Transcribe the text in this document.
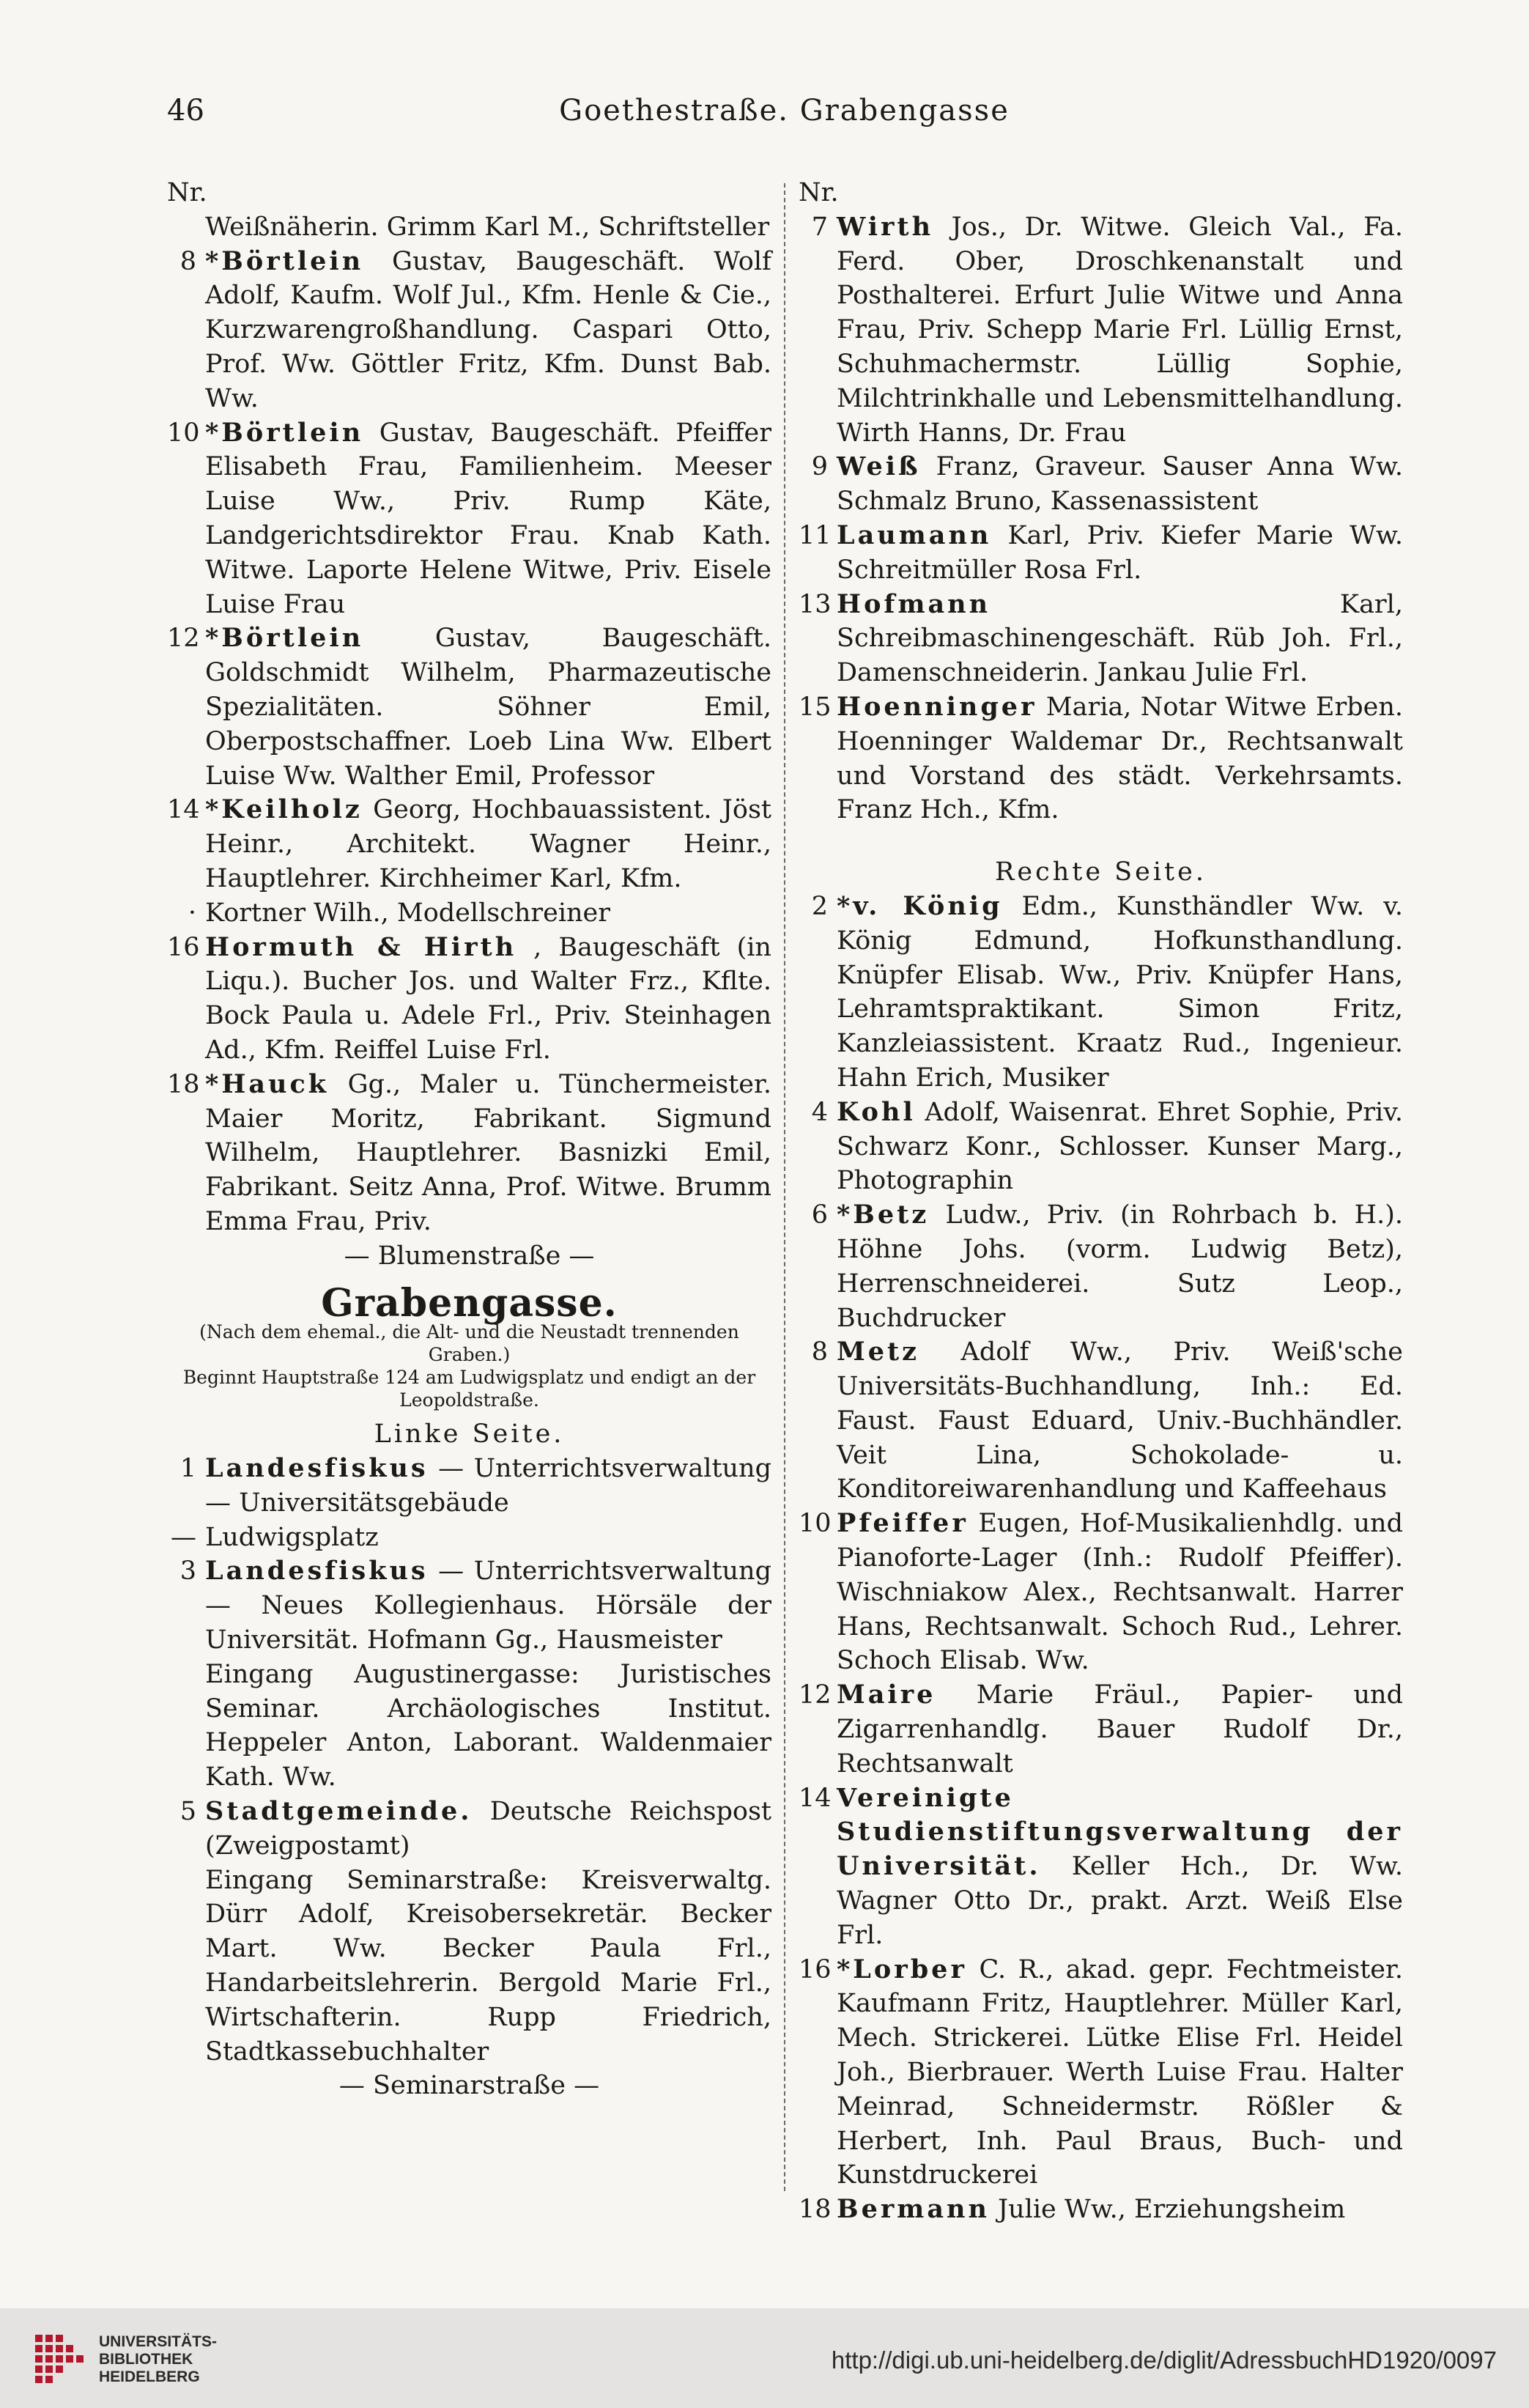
46	Goethestraße. Grabengasse
Nr.
Weißnäherin. Grimm Karl M., Schriftsteller
8 *Börtlein Gustav, Baugeschäft. Wolf Adolf, Kaufm. Wolf Jul., Kfm. Henle & Cie., Kurzwarengroßhandlung. Caspari Otto, Prof. Ww. Göttler Fritz, Kfm. Dunst Bab. Ww.
10 *Börtlein Gustav, Baugeschäft. Pfeiffer Elisabeth Frau, Familienheim. Meeser Luise Ww., Priv. Rump Käte, Landgerichtsdirektor Frau. Knab Kath. Witwe. Laporte Helene Witwe, Priv. Eisele Luise Frau
12 *Börtlein	Gustav, Baugeschäft. Goldschmidt Wilhelm, Pharmazeutische Spezialitäten. Söhner Emil, Oberpostschaffner. Loeb Lina Ww. Elbert Luise Ww. Walther Emil, Professor
14 *Keilholz Georg, Hochbauassistent. Jöst Heinr., Architekt. Wagner Heinr., Hauptlehrer. Kirchheimer Karl, Kfm.
· Kortner Wilh., Modellschreiner
16 Hormuth & Hirth , Baugeschäft (in Liqu.). Bucher Jos. und Walter Frz., Kflte. Bock Paula u. Adele Frl., Priv. Steinhagen Ad., Kfm. Reiffel Luise Frl.
18 *Hauck Gg., Maler u. Tünchermeister. Maier Moritz, Fabrikant. Sigmund Wilhelm, Hauptlehrer. Basnizki Emil, Fabrikant. Seitz Anna, Prof. Witwe. Brumm Emma Frau, Priv.
— Blumenstraße —
Grabengasse.
(Nach dem ehemal., die Alt- und die Neustadt trennenden Graben.)
Beginnt Hauptstraße 124 am Ludwigsplatz und endigt an der Leopoldstraße.
Linke Seite.
1 Landesfiskus — Unterrichtsverwaltung — Universitätsgebäude
— Ludwigsplatz
3 Landesfiskus — Unterrichtsverwaltung — Neues Kollegienhaus. Hörsäle der Universität. Hofmann Gg., Hausmeister
Eingang Augustinergasse: Juristisches Seminar. Archäologisches Institut. Heppeler Anton, Laborant. Waldenmaier Kath. Ww.
5 Stadtgemeinde. Deutsche Reichspost (Zweigpostamt)
Eingang Seminarstraße: Kreisverwaltg. Dürr Adolf, Kreisobersekretär. Becker Mart. Ww. Becker Paula Frl., Handarbeitslehrerin. Bergold Marie Frl., Wirtschafterin. Rupp Friedrich, Stadtkassebuchhalter
— Seminarstraße —
Nr.
7 Wirth Jos., Dr. Witwe. Gleich Val., Fa. Ferd. Ober, Droschkenanstalt und Posthalterei. Erfurt Julie Witwe und Anna Frau, Priv. Schepp Marie Frl. Lüllig Ernst, Schuhmachermstr. Lüllig Sophie, Milchtrinkhalle und Lebensmittelhandlung. Wirth Hanns, Dr. Frau
9 Weiß Franz, Graveur. Sauser Anna Ww. Schmalz Bruno, Kassenassistent
11 Laumann Karl, Priv. Kiefer Marie Ww. Schreitmüller Rosa Frl.
13 Hofmann	Karl, Schreibmaschinengeschäft. Rüb Joh. Frl., Damenschneiderin. Jankau Julie Frl.
15 Hoenninger Maria, Notar Witwe Erben. Hoenninger Waldemar Dr., Rechtsanwalt und Vorstand des städt. Verkehrsamts. Franz Hch., Kfm.
Rechte Seite.
2 *v. König Edm., Kunsthändler Ww. v. König Edmund, Hofkunsthandlung. Knüpfer Elisab. Ww., Priv. Knüpfer Hans, Lehramtspraktikant. Simon Fritz, Kanzleiassistent. Kraatz Rud., Ingenieur. Hahn Erich, Musiker
4 Kohl Adolf, Waisenrat. Ehret Sophie, Priv. Schwarz Konr., Schlosser. Kunser Marg., Photographin
6 *Betz Ludw., Priv. (in Rohrbach b. H.). Höhne Johs. (vorm. Ludwig Betz), Herrenschneiderei. Sutz Leop., Buchdrucker
8 Metz Adolf Ww., Priv. Weiß'sche Universitäts-Buchhandlung, Inh.: Ed. Faust. Faust Eduard, Univ.-Buchhändler. Veit Lina, Schokolade- u. Konditoreiwarenhandlung und Kaffeehaus
10 Pfeiffer Eugen, Hof-Musikalienhdlg. und Pianoforte-Lager (Inh.: Rudolf Pfeiffer). Wischniakow Alex., Rechtsanwalt. Harrer Hans, Rechtsanwalt. Schoch Rud., Lehrer. Schoch Elisab. Ww.
12 Maire Marie Fräul., Papier- und Zigarrenhandlg. Bauer Rudolf Dr., Rechtsanwalt
14 Vereinigte Studienstiftungsverwaltung der Universität. Keller Hch., Dr. Ww. Wagner Otto Dr., prakt. Arzt. Weiß Else Frl.
16 *Lorber C. R., akad. gepr. Fechtmeister. Kaufmann Fritz, Hauptlehrer. Müller Karl, Mech. Strickerei. Lütke Elise Frl. Heidel Joh., Bierbrauer. Werth Luise Frau. Halter Meinrad, Schneidermstr. Rößler & Herbert, Inh. Paul Braus, Buch- und Kunstdruckerei
18 Bermann Julie Ww., Erziehungsheim
UNIVERSITÄTS-
BIBLIOTHEK
HEIDELBERG
http://digi.ub.uni-heidelberg.de/diglit/AdressbuchHD1920/0097
